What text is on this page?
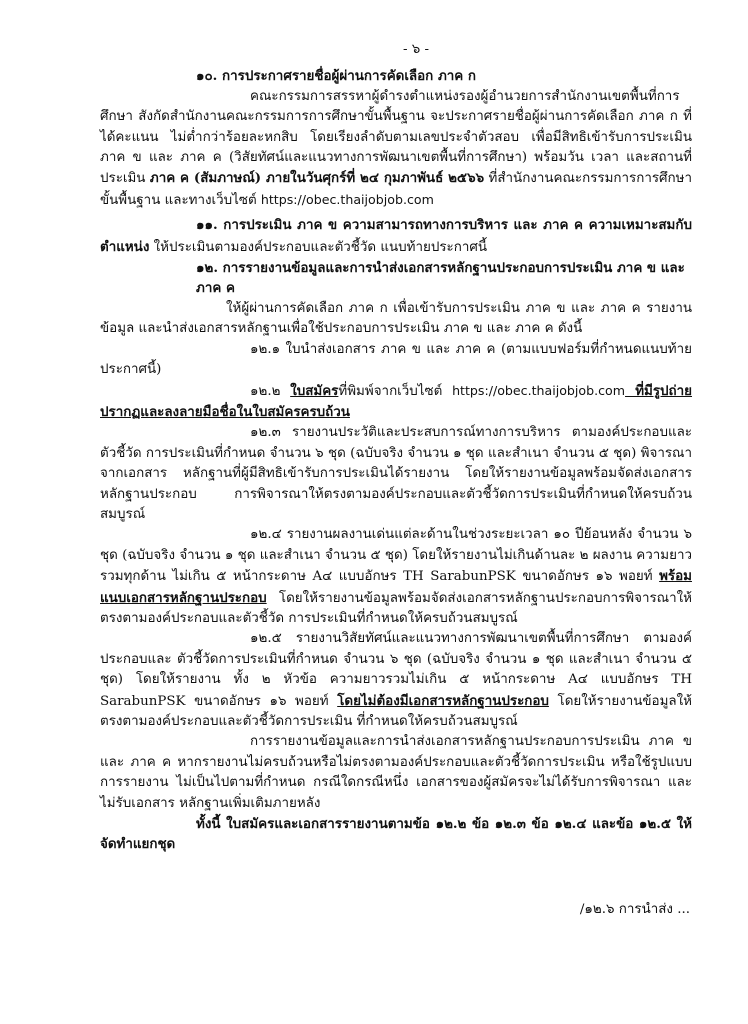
- ๖ -
๑๐. การประกาศรายชื่อผู้ผ่านการคัดเลือก ภาค ก

คณะกรรมการสรรหาผู้ดำรงตำแหน่งรองผู้อำนวยการสำนักงานเขตพื้นที่การศึกษา สังกัดสำนักงานคณะกรรมการการศึกษาขั้นพื้นฐาน จะประกาศรายชื่อผู้ผ่านการคัดเลือก ภาค ก ที่ได้คะแนน ไม่ต่ำกว่าร้อยละหกสิบ โดยเรียงลำดับตามเลขประจำตัวสอบ เพื่อมีสิทธิเข้ารับการประเมิน ภาค ข และ ภาค ค (วิสัยทัศน์และแนวทางการพัฒนาเขตพื้นที่การศึกษา) พร้อมวัน เวลา และสถานที่ประเมิน ภาค ค (สัมภาษณ์) ภายในวันศุกร์ที่ ๒๔ กุมภาพันธ์ ๒๕๖๖ ที่สำนักงานคณะกรรมการการศึกษาขั้นพื้นฐาน และทางเว็บไซต์ https://obec.thaijobjob.com

๑๑. การประเมิน ภาค ข ความสามารถทางการบริหาร และ ภาค ค ความเหมาะสมกับตำแหน่ง ให้ประเมินตามองค์ประกอบและตัวชี้วัด แนบท้ายประกาศนี้

๑๒. การรายงานข้อมูลและการนำส่งเอกสารหลักฐานประกอบการประเมิน ภาค ข และ ภาค ค

ให้ผู้ผ่านการคัดเลือก ภาค ก เพื่อเข้ารับการประเมิน ภาค ข และ ภาค ค รายงานข้อมูล และนำส่งเอกสารหลักฐานเพื่อใช้ประกอบการประเมิน ภาค ข และ ภาค ค ดังนี้

๑๒.๑ ใบนำส่งเอกสาร ภาค ข และ ภาค ค (ตามแบบฟอร์มที่กำหนดแนบท้ายประกาศนี้)

๑๒.๒ ใบสมัครที่พิมพ์จากเว็บไซต์ https://obec.thaijobjob.com ที่มีรูปถ่ายปรากฏและลงลายมือชื่อในใบสมัครครบถ้วน

๑๒.๓ รายงานประวัติและประสบการณ์ทางการบริหาร ตามองค์ประกอบและตัวชี้วัด การประเมินที่กำหนด จำนวน ๖ ชุด (ฉบับจริง จำนวน ๑ ชุด และสำเนา จำนวน ๕ ชุด) พิจารณาจากเอกสาร หลักฐานที่ผู้มีสิทธิเข้ารับการประเมินได้รายงาน โดยให้รายงานข้อมูลพร้อมจัดส่งเอกสารหลักฐานประกอบ การพิจารณาให้ตรงตามองค์ประกอบและตัวชี้วัดการประเมินที่กำหนดให้ครบถ้วนสมบูรณ์

๑๒.๔ รายงานผลงานเด่นแต่ละด้านในช่วงระยะเวลา ๑๐ ปีย้อนหลัง จำนวน ๖ ชุด (ฉบับจริง จำนวน ๑ ชุด และสำเนา จำนวน ๕ ชุด) โดยให้รายงานไม่เกินด้านละ ๒ ผลงาน ความยาวรวมทุกด้าน ไม่เกิน ๕ หน้ากระดาษ A๔ แบบอักษร TH SarabunPSK ขนาดอักษร ๑๖ พอยท์ พร้อมแนบเอกสารหลักฐานประกอบ โดยให้รายงานข้อมูลพร้อมจัดส่งเอกสารหลักฐานประกอบการพิจารณาให้ตรงตามองค์ประกอบและตัวชี้วัด การประเมินที่กำหนดให้ครบถ้วนสมบูรณ์

๑๒.๕ รายงานวิสัยทัศน์และแนวทางการพัฒนาเขตพื้นที่การศึกษา ตามองค์ประกอบและ ตัวชี้วัดการประเมินที่กำหนด จำนวน ๖ ชุด (ฉบับจริง จำนวน ๑ ชุด และสำเนา จำนวน ๕ ชุด) โดยให้รายงาน ทั้ง ๒ หัวข้อ ความยาวรวมไม่เกิน ๕ หน้ากระดาษ A๔ แบบอักษร TH SarabunPSK ขนาดอักษร ๑๖ พอยท์ โดยไม่ต้องมีเอกสารหลักฐานประกอบ โดยให้รายงานข้อมูลให้ตรงตามองค์ประกอบและตัวชี้วัดการประเมิน ที่กำหนดให้ครบถ้วนสมบูรณ์

การรายงานข้อมูลและการนำส่งเอกสารหลักฐานประกอบการประเมิน ภาค ข และ ภาค ค หากรายงานไม่ครบถ้วนหรือไม่ตรงตามองค์ประกอบและตัวชี้วัดการประเมิน หรือใช้รูปแบบการรายงาน ไม่เป็นไปตามที่กำหนด กรณีใดกรณีหนึ่ง เอกสารของผู้สมัครจะไม่ได้รับการพิจารณา และไม่รับเอกสาร หลักฐานเพิ่มเติมภายหลัง

ทั้งนี้ ใบสมัครและเอกสารรายงานตามข้อ ๑๒.๒ ข้อ ๑๒.๓ ข้อ ๑๒.๔ และข้อ ๑๒.๕ ให้จัดทำแยกชุด

/๑๒.๖ การนำส่ง ...
